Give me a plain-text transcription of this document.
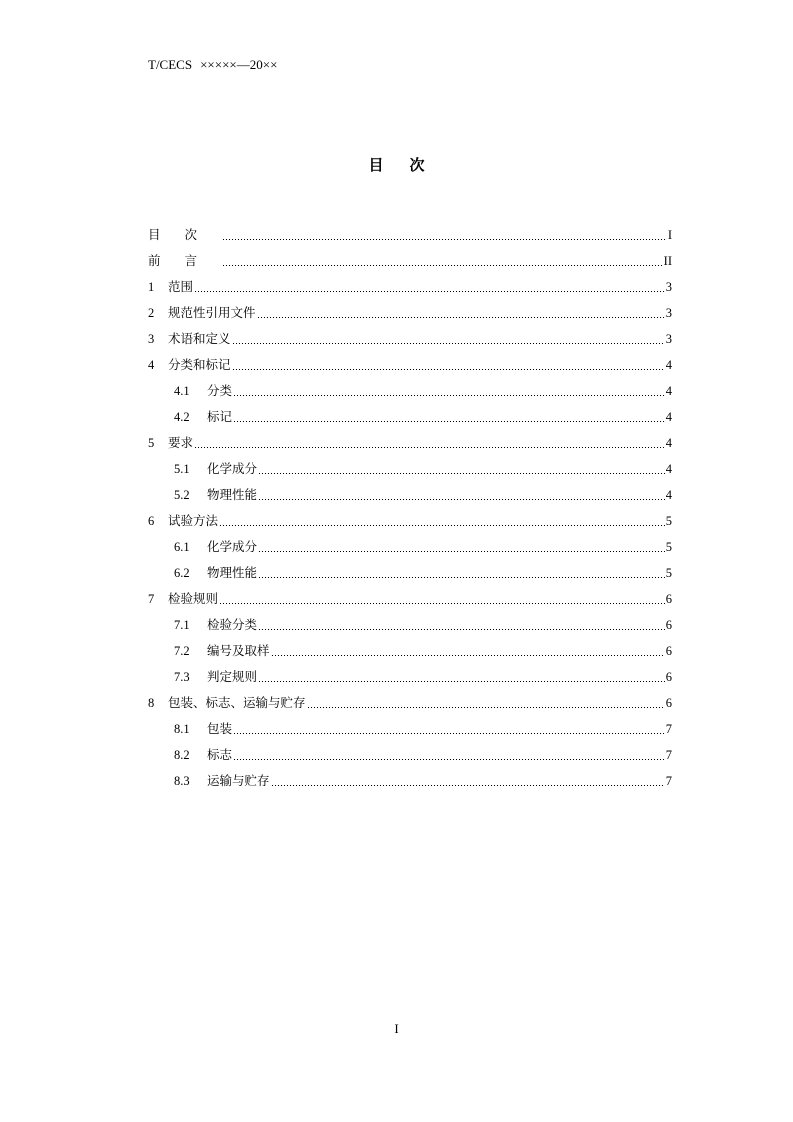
T/CECS ×××××—20××

目次
目次	I
前言	II
1	范围	3
2	规范性引用文件	3
3	术语和定义	3
4	分类和标记	4
4.1	分类	4
4.2	标记	4
5	要求	4
5.1	化学成分	4
5.2	物理性能	4
6	试验方法	5
6.1	化学成分	5
6.2	物理性能	5
7	检验规则	6
7.1	检验分类	6
7.2	编号及取样	6
7.3	判定规则	6
8	包装、标志、运输与贮存	6
8.1	包装	7
8.2	标志	7
8.3	运输与贮存	7

I
